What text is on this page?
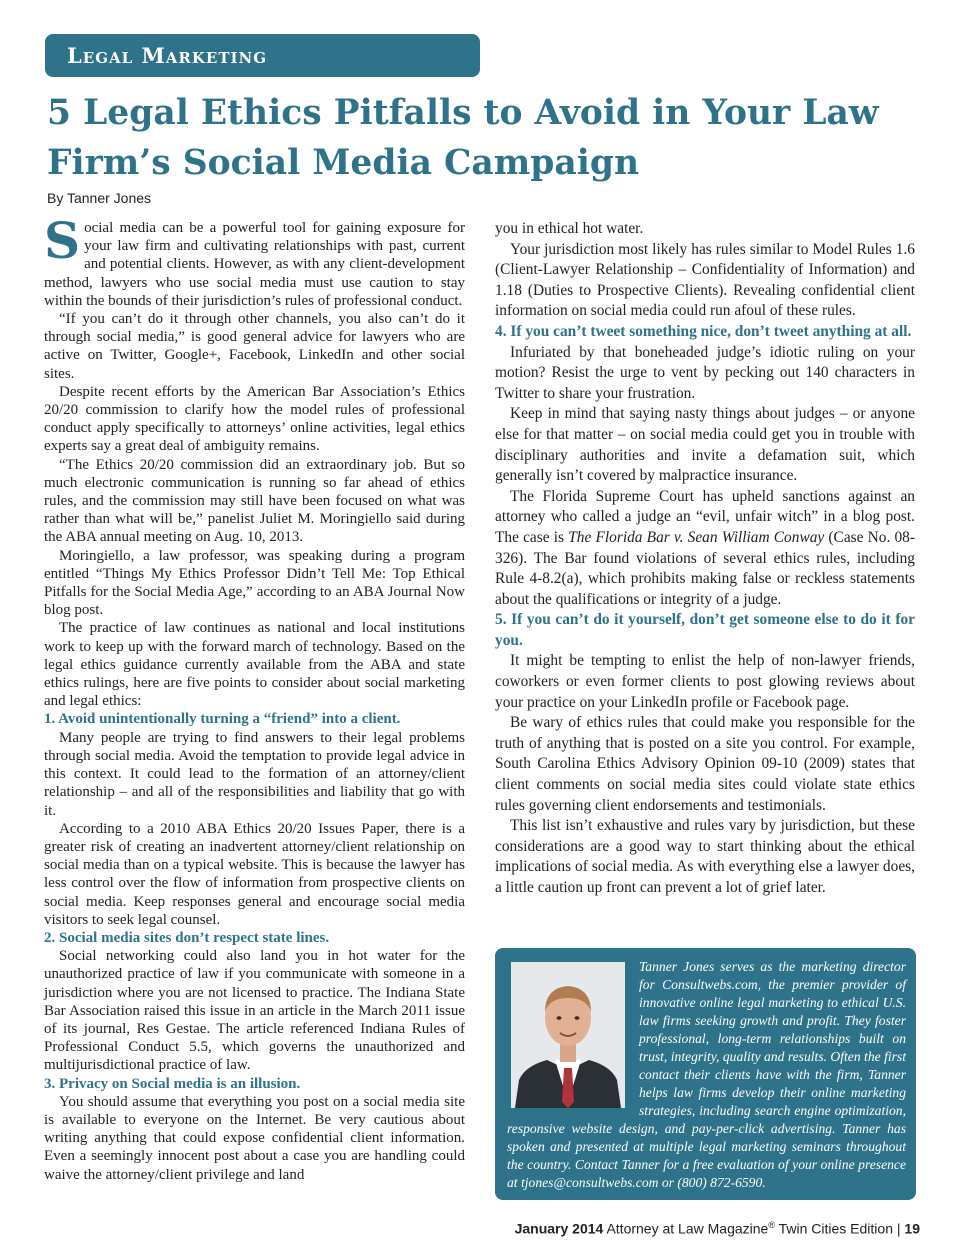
Legal Marketing
5 Legal Ethics Pitfalls to Avoid in Your Law Firm’s Social Media Campaign

By Tanner Jones

Social media can be a powerful tool for gaining exposure for your law firm and cultivating relationships with past, current and potential clients. However, as with any client-development method, lawyers who use social media must use caution to stay within the bounds of their jurisdiction’s rules of professional conduct.

“If you can’t do it through other channels, you also can’t do it through social media,” is good general advice for lawyers who are active on Twitter, Google+, Facebook, LinkedIn and other social sites.

Despite recent efforts by the American Bar Association’s Ethics 20/20 commission to clarify how the model rules of professional conduct apply specifically to attorneys’ online activities, legal ethics experts say a great deal of ambiguity remains.

“The Ethics 20/20 commission did an extraordinary job. But so much electronic communication is running so far ahead of ethics rules, and the commission may still have been focused on what was rather than what will be,” panelist Juliet M. Moringiello said during the ABA annual meeting on Aug. 10, 2013.

Moringiello, a law professor, was speaking during a program entitled “Things My Ethics Professor Didn’t Tell Me: Top Ethical Pitfalls for the Social Media Age,” according to an ABA Journal Now blog post.

The practice of law continues as national and local institutions work to keep up with the forward march of technology. Based on the legal ethics guidance currently available from the ABA and state ethics rulings, here are five points to consider about social marketing and legal ethics:

1. Avoid unintentionally turning a “friend” into a client.

Many people are trying to find answers to their legal problems through social media. Avoid the temptation to provide legal advice in this context. It could lead to the formation of an attorney/client relationship – and all of the responsibilities and liability that go with it.

According to a 2010 ABA Ethics 20/20 Issues Paper, there is a greater risk of creating an inadvertent attorney/client relationship on social media than on a typical website. This is because the lawyer has less control over the flow of information from prospective clients on social media. Keep responses general and encourage social media visitors to seek legal counsel.

2. Social media sites don’t respect state lines.

Social networking could also land you in hot water for the unauthorized practice of law if you communicate with someone in a jurisdiction where you are not licensed to practice. The Indiana State Bar Association raised this issue in an article in the March 2011 issue of its journal, Res Gestae. The article referenced Indiana Rules of Professional Conduct 5.5, which governs the unauthorized and multijurisdictional practice of law.

3. Privacy on Social media is an illusion.

You should assume that everything you post on a social media site is available to everyone on the Internet. Be very cautious about writing anything that could expose confidential client information. Even a seemingly innocent post about a case you are handling could waive the attorney/client privilege and land

you in ethical hot water.

Your jurisdiction most likely has rules similar to Model Rules 1.6 (Client-Lawyer Relationship – Confidentiality of Information) and 1.18 (Duties to Prospective Clients). Revealing confidential client information on social media could run afoul of these rules.

4. If you can’t tweet something nice, don’t tweet anything at all.

Infuriated by that boneheaded judge’s idiotic ruling on your motion? Resist the urge to vent by pecking out 140 characters in Twitter to share your frustration.

Keep in mind that saying nasty things about judges – or anyone else for that matter – on social media could get you in trouble with disciplinary authorities and invite a defamation suit, which generally isn’t covered by malpractice insurance.

The Florida Supreme Court has upheld sanctions against an attorney who called a judge an “evil, unfair witch” in a blog post. The case is The Florida Bar v. Sean William Conway (Case No. 08-326). The Bar found violations of several ethics rules, including Rule 4-8.2(a), which prohibits making false or reckless statements about the qualifications or integrity of a judge.

5. If you can’t do it yourself, don’t get someone else to do it for you.

It might be tempting to enlist the help of non-lawyer friends, coworkers or even former clients to post glowing reviews about your practice on your LinkedIn profile or Facebook page.

Be wary of ethics rules that could make you responsible for the truth of anything that is posted on a site you control. For example, South Carolina Ethics Advisory Opinion 09-10 (2009) states that client comments on social media sites could violate state ethics rules governing client endorsements and testimonials.

This list isn’t exhaustive and rules vary by jurisdiction, but these considerations are a good way to start thinking about the ethical implications of social media. As with everything else a lawyer does, a little caution up front can prevent a lot of grief later.

Tanner Jones serves as the marketing director for Consultwebs.com, the premier provider of innovative online legal marketing to ethical U.S. law firms seeking growth and profit. They foster professional, long-term relationships built on trust, integrity, quality and results. Often the first contact their clients have with the firm, Tanner helps law firms develop their online marketing strategies, including search engine optimization, responsive website design, and pay-per-click advertising. Tanner has spoken and presented at multiple legal marketing seminars throughout the country. Contact Tanner for a free evaluation of your online presence at tjones@consultwebs.com or (800) 872-6590.

January 2014 Attorney at Law Magazine® Twin Cities Edition | 19
